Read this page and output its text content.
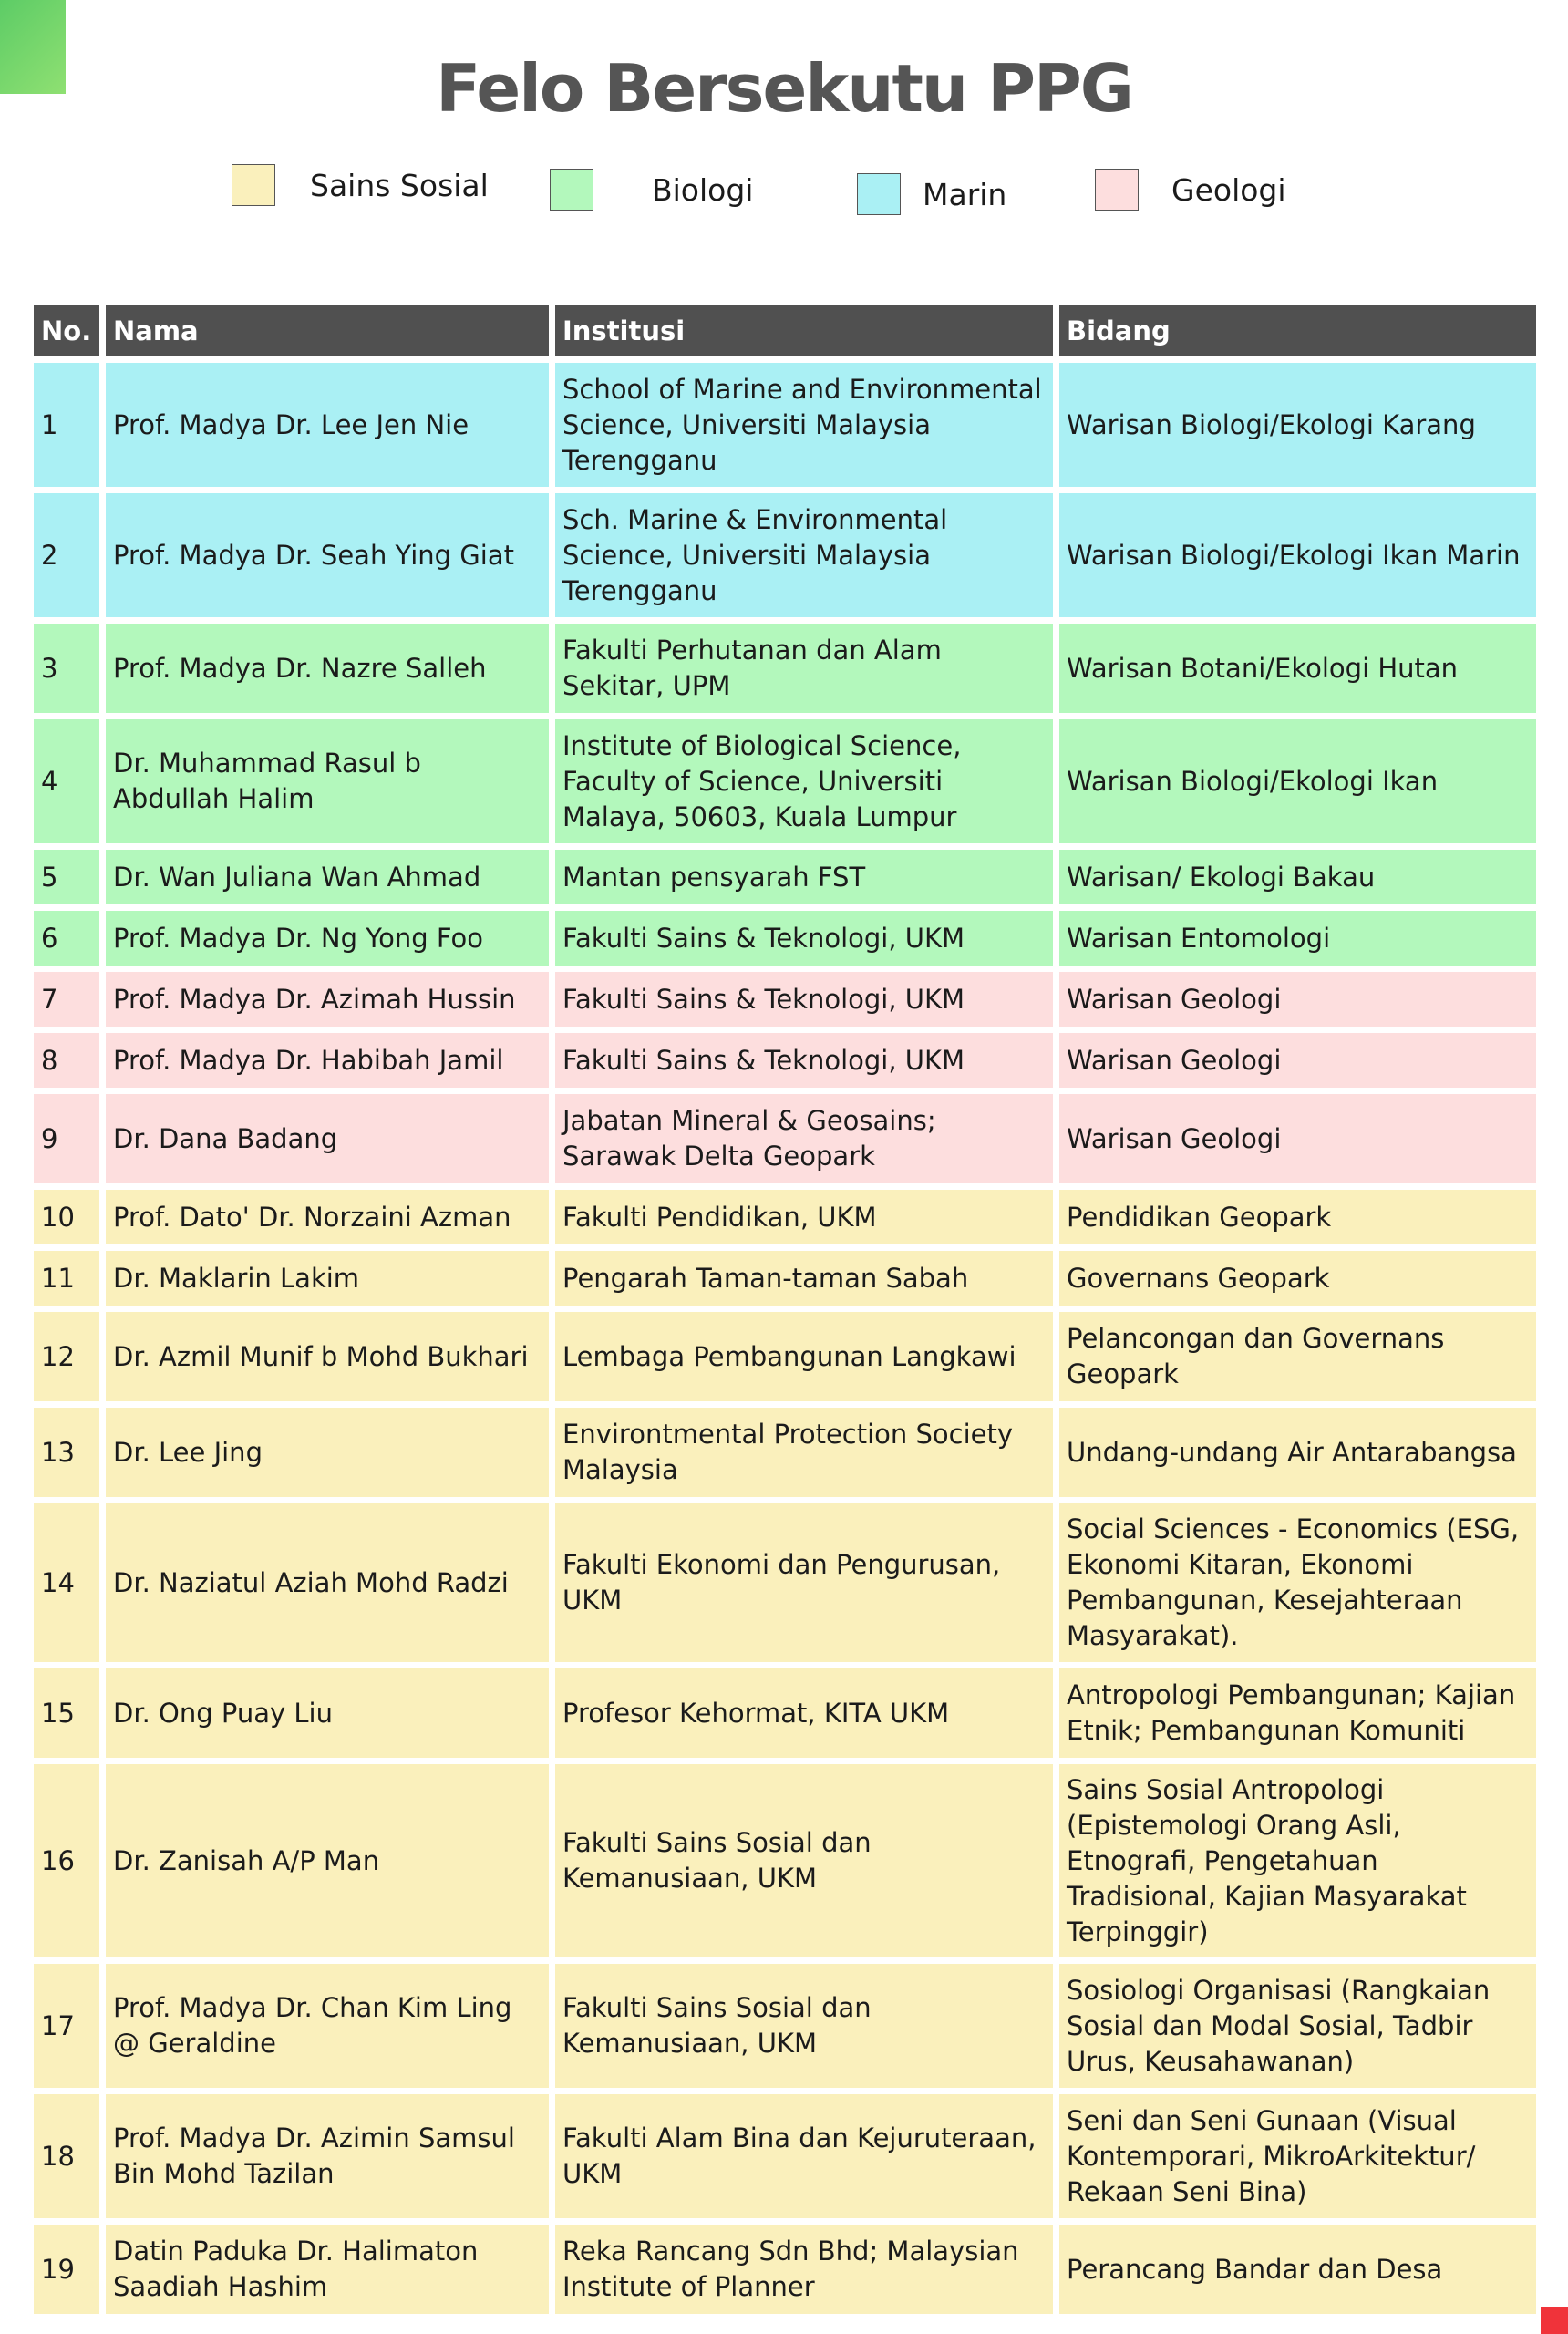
Felo Bersekutu PPG
Sains Sosial	Biologi	Marin	Geologi
No.	Nama	Institusi	Bidang
1	Prof. Madya Dr. Lee Jen Nie	School of Marine and Environmental Science, Universiti Malaysia Terengganu	Warisan Biologi/Ekologi Karang
2	Prof. Madya Dr. Seah Ying Giat	Sch. Marine & Environmental Science, Universiti Malaysia Terengganu	Warisan Biologi/Ekologi Ikan Marin
3	Prof. Madya Dr. Nazre Salleh	Fakulti Perhutanan dan Alam Sekitar, UPM	Warisan Botani/Ekologi Hutan
4	Dr. Muhammad Rasul b Abdullah Halim	Institute of Biological Science, Faculty of Science, Universiti Malaya, 50603, Kuala Lumpur	Warisan Biologi/Ekologi Ikan
5	Dr. Wan Juliana Wan Ahmad	Mantan pensyarah FST	Warisan/ Ekologi Bakau
6	Prof. Madya Dr. Ng Yong Foo	Fakulti Sains & Teknologi, UKM	Warisan Entomologi
7	Prof. Madya Dr. Azimah Hussin	Fakulti Sains & Teknologi, UKM	Warisan Geologi
8	Prof. Madya Dr. Habibah Jamil	Fakulti Sains & Teknologi, UKM	Warisan Geologi
9	Dr. Dana Badang	Jabatan Mineral & Geosains; Sarawak Delta Geopark	Warisan Geologi
10	Prof. Dato' Dr. Norzaini Azman	Fakulti Pendidikan, UKM	Pendidikan Geopark
11	Dr. Maklarin Lakim	Pengarah Taman-taman Sabah	Governans Geopark
12	Dr. Azmil Munif b Mohd Bukhari	Lembaga Pembangunan Langkawi	Pelancongan dan Governans Geopark
13	Dr. Lee Jing	Environtmental Protection Society Malaysia	Undang-undang Air Antarabangsa
14	Dr. Naziatul Aziah Mohd Radzi	Fakulti Ekonomi dan Pengurusan, UKM	Social Sciences - Economics (ESG, Ekonomi Kitaran, Ekonomi Pembangunan, Kesejahteraan Masyarakat).
15	Dr. Ong Puay Liu	Profesor Kehormat, KITA UKM	Antropologi Pembangunan; Kajian Etnik; Pembangunan Komuniti
16	Dr. Zanisah A/P Man	Fakulti Sains Sosial dan Kemanusiaan, UKM	Sains Sosial Antropologi (Epistemologi Orang Asli, Etnografi, Pengetahuan Tradisional, Kajian Masyarakat Terpinggir)
17	Prof. Madya Dr. Chan Kim Ling @ Geraldine	Fakulti Sains Sosial dan Kemanusiaan, UKM	Sosiologi Organisasi (Rangkaian Sosial dan Modal Sosial, Tadbir Urus, Keusahawanan)
18	Prof. Madya Dr. Azimin Samsul Bin Mohd Tazilan	Fakulti Alam Bina dan Kejuruteraan, UKM	Seni dan Seni Gunaan (Visual Kontemporari, MikroArkitektur/ Rekaan Seni Bina)
19	Datin Paduka Dr. Halimaton Saadiah Hashim	Reka Rancang Sdn Bhd; Malaysian Institute of Planner	Perancang Bandar dan Desa
